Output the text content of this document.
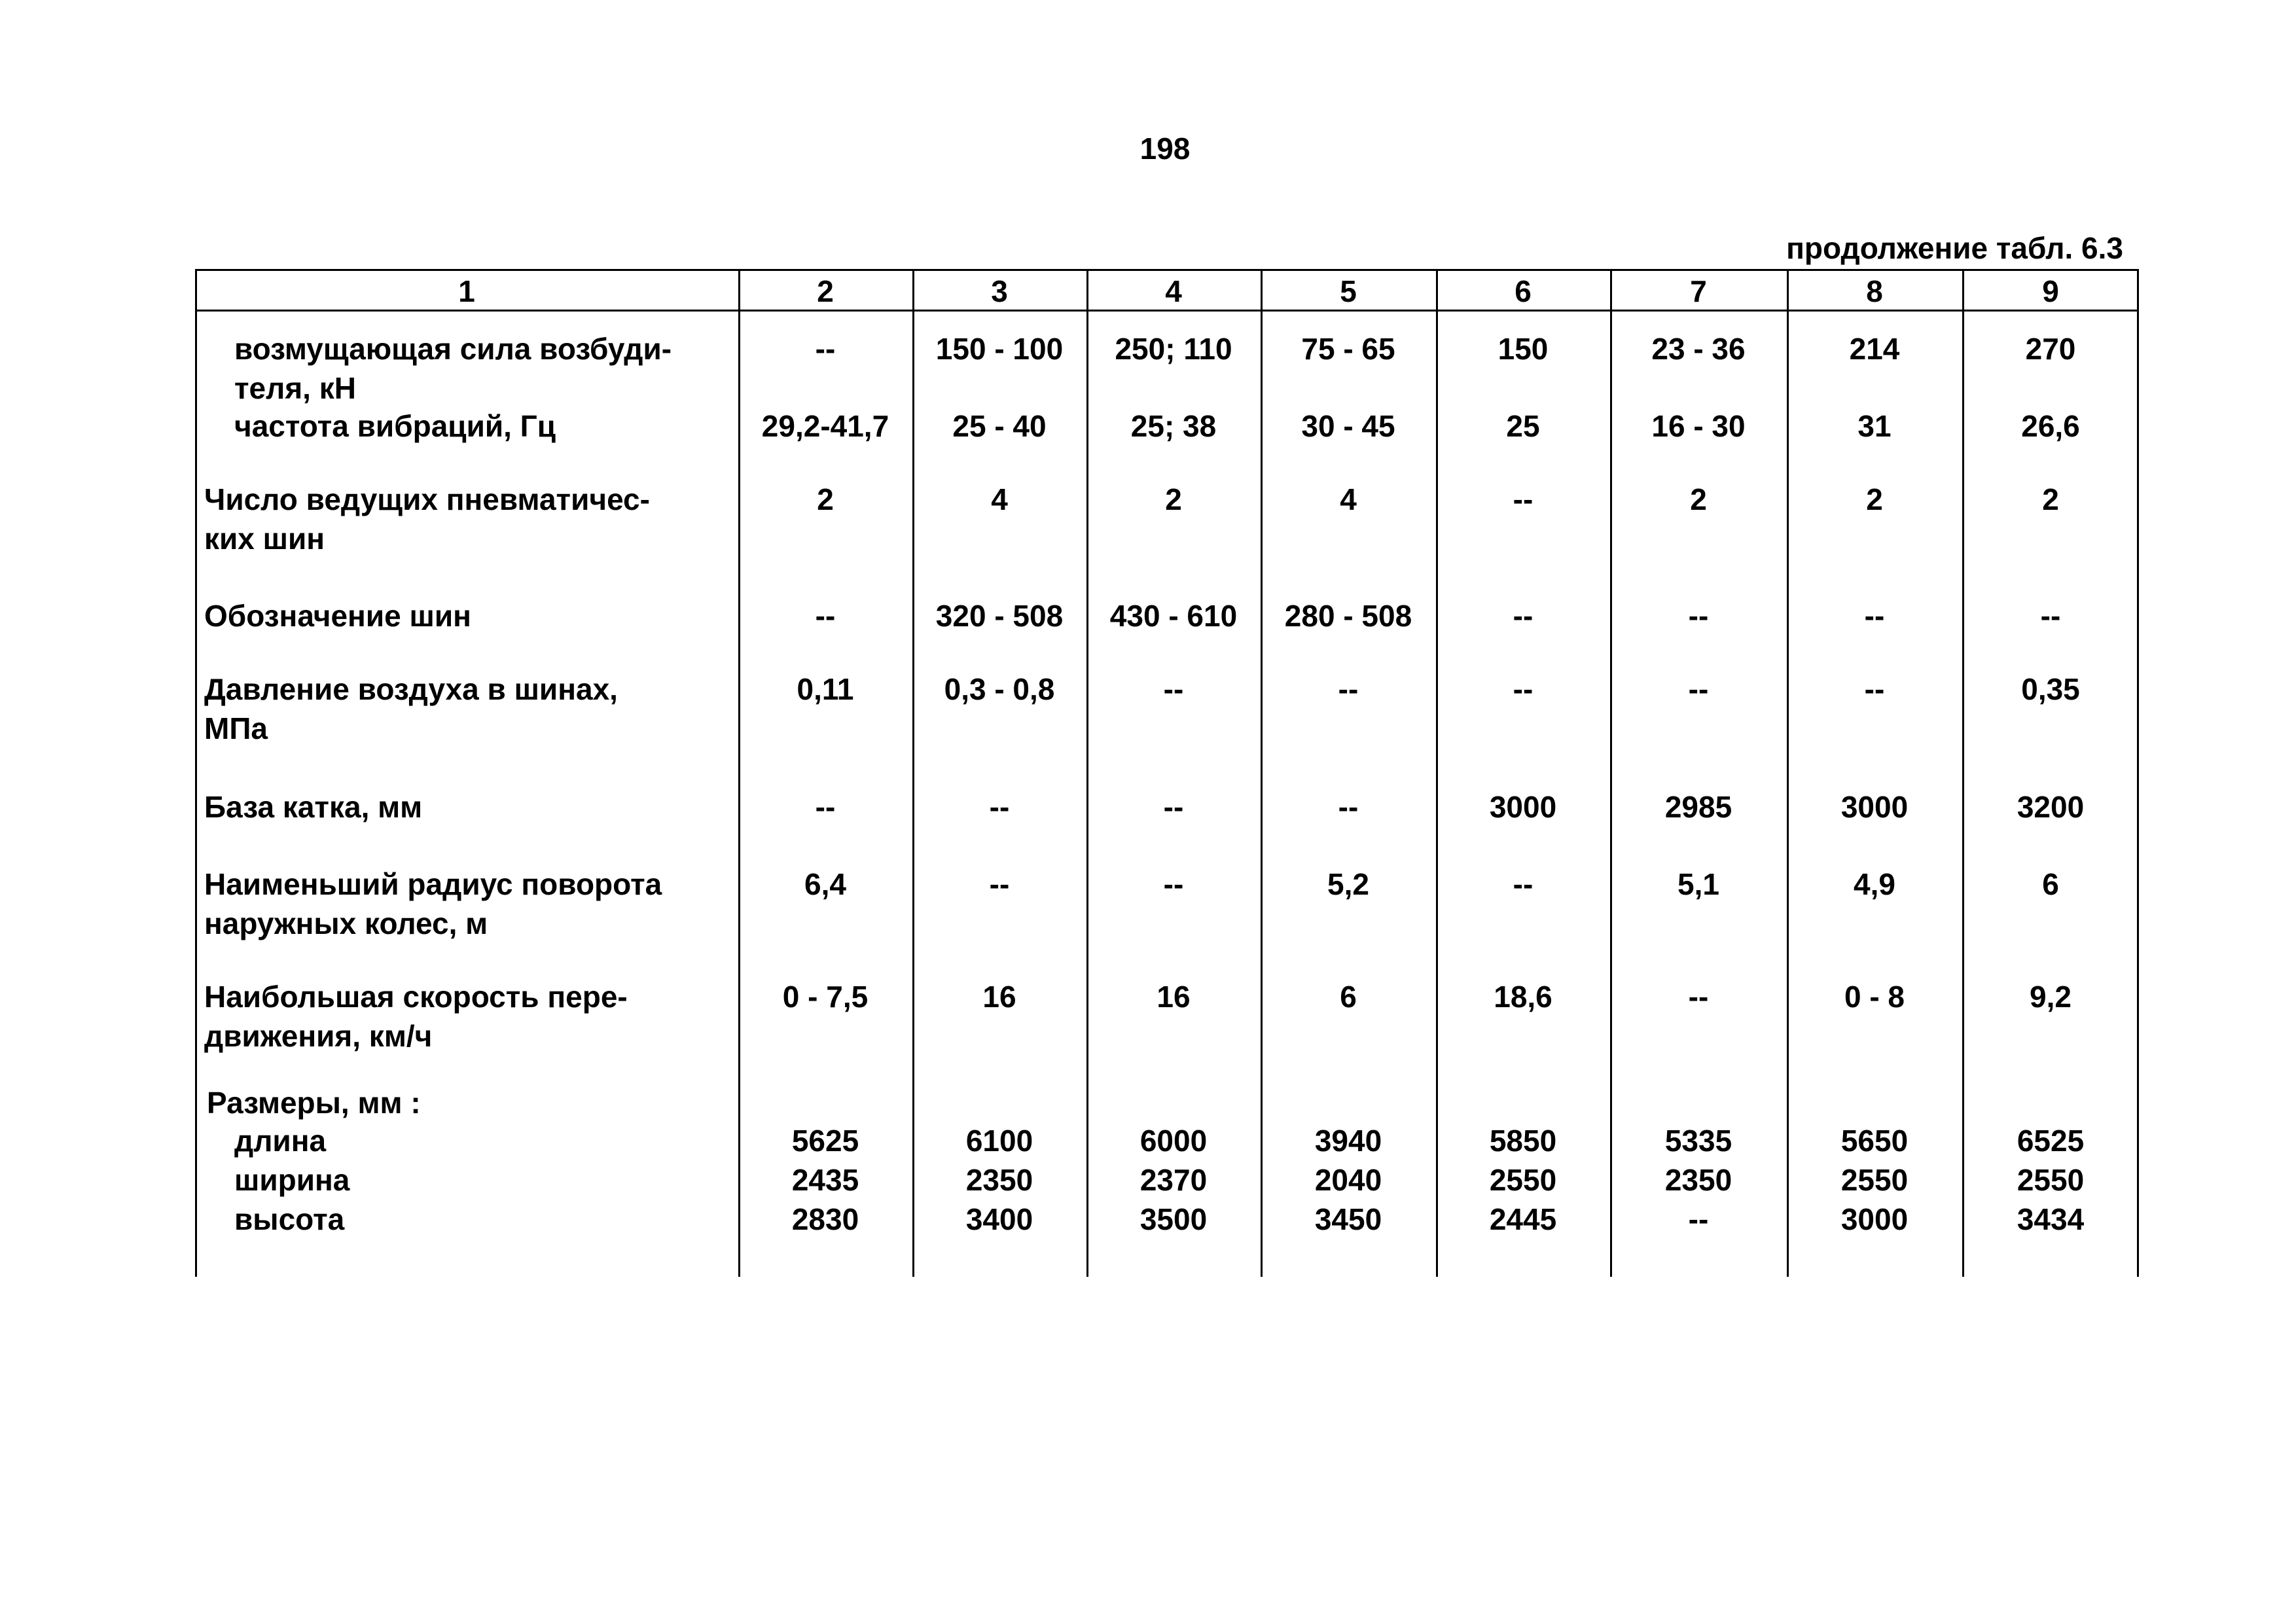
198
продолжение табл. 6.3
1	2	3	4	5	6	7	8	9
возмущающая сила возбуди-
теля, кН
--	150 - 100	250; 110	75 - 65	150	23 - 36	214	270
частота вибраций, Гц	29,2-41,7	25 - 40	25; 38	30 - 45	25	16 - 30	31	26,6
Число ведущих пневматичес-
ких шин
2	4	2	4	--	2	2	2
Обозначение шин	--	320 - 508	430 - 610	280 - 508	--	--	--	--
Давление воздуха в шинах,
МПа
0,11	0,3 - 0,8	--	--	--	--	--	0,35
База катка, мм	--	--	--	--	3000	2985	3000	3200
Наименьший радиус поворота
наружных колес, м
6,4	--	--	5,2	--	5,1	4,9	6
Наибольшая скорость пере-
движения, км/ч
0 - 7,5	16	16	6	18,6	--	0 - 8	9,2
Размеры, мм :
длина	5625	6100	6000	3940	5850	5335	5650	6525
ширина	2435	2350	2370	2040	2550	2350	2550	2550
высота	2830	3400	3500	3450	2445	--	3000	3434
